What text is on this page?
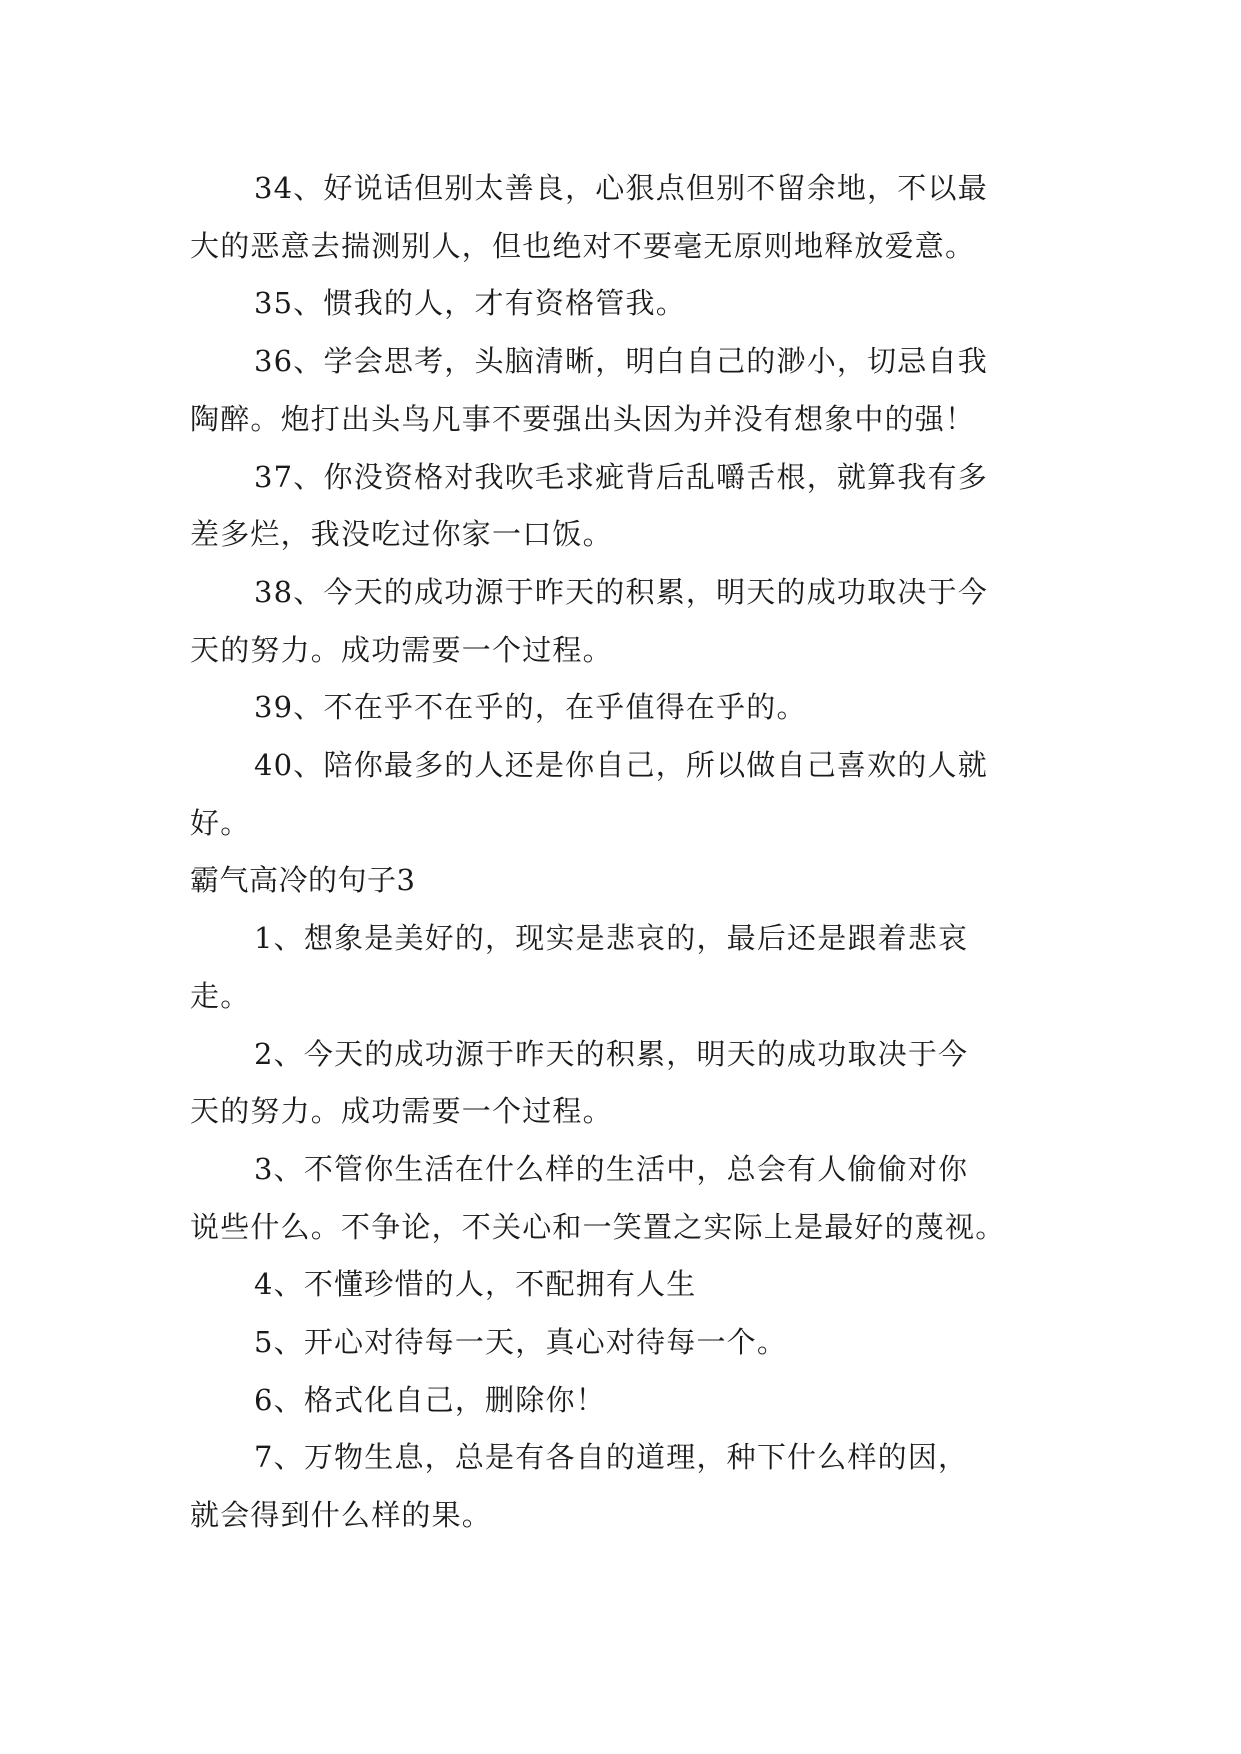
34、好说话但别太善良，心狠点但别不留余地，不以最

大的恶意去揣测别人，但也绝对不要毫无原则地释放爱意。

35、惯我的人，才有资格管我。

36、学会思考，头脑清晰，明白自己的渺小，切忌自我

陶醉。炮打出头鸟凡事不要强出头因为并没有想象中的强！

37、你没资格对我吹毛求疵背后乱嚼舌根，就算我有多

差多烂，我没吃过你家一口饭。

38、今天的成功源于昨天的积累，明天的成功取决于今

天的努力。成功需要一个过程。

39、不在乎不在乎的，在乎值得在乎的。

40、陪你最多的人还是你自己，所以做自己喜欢的人就

好。

霸气高冷的句子3

1、想象是美好的，现实是悲哀的，最后还是跟着悲哀

走。

2、今天的成功源于昨天的积累，明天的成功取决于今

天的努力。成功需要一个过程。

3、不管你生活在什么样的生活中，总会有人偷偷对你

说些什么。不争论，不关心和一笑置之实际上是最好的蔑视。

4、不懂珍惜的人，不配拥有人生

5、开心对待每一天，真心对待每一个。

6、格式化自己，删除你！

7、万物生息，总是有各自的道理，种下什么样的因，

就会得到什么样的果。
